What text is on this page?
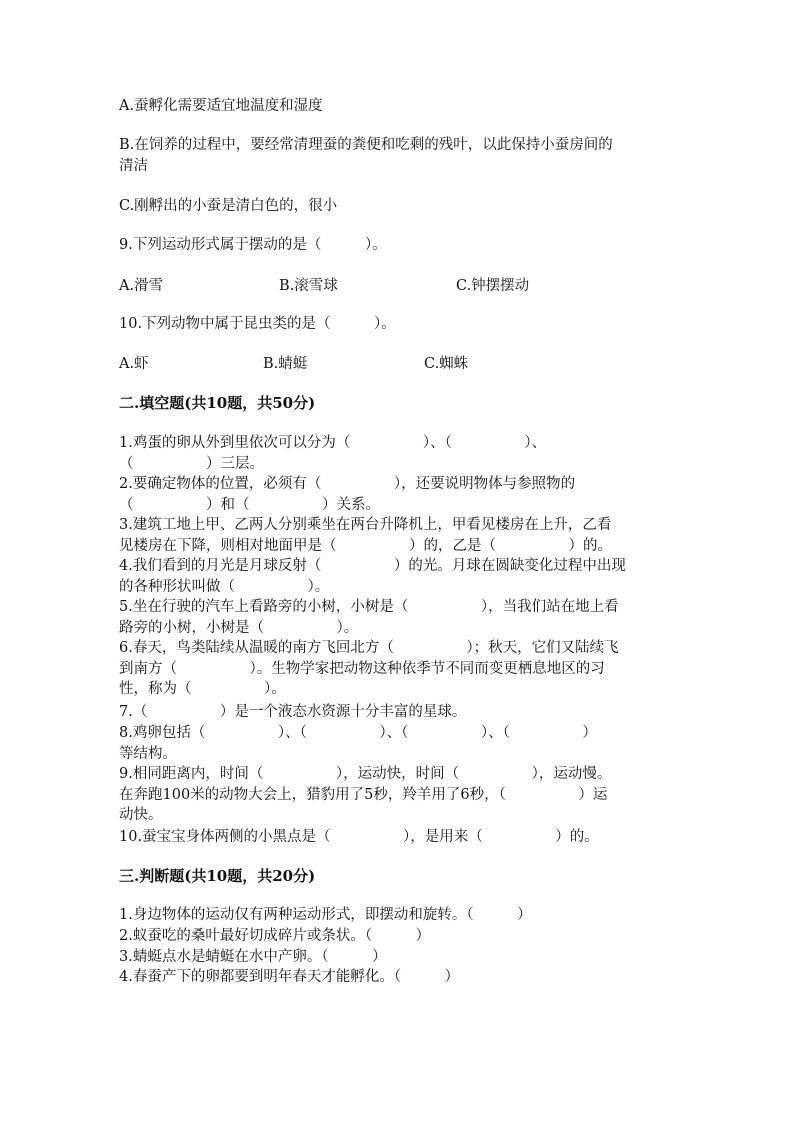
A.蚕孵化需要适宜地温度和湿度
B.在饲养的过程中，要经常清理蚕的粪便和吃剩的残叶，以此保持小蚕房间的
清洁
C.刚孵出的小蚕是清白色的，很小
9.下列运动形式属于摆动的是（　　　）。
A.滑雪	B.滚雪球	C.钟摆摆动
10.下列动物中属于昆虫类的是（　　　）。
A.虾	B.蜻蜓	C.蜘蛛
二.填空题(共10题，共50分)
1.鸡蛋的卵从外到里依次可以分为（　　　　　）、（　　　　　）、
（　　　　　）三层。
2.要确定物体的位置，必须有（　　　　　），还要说明物体与参照物的
（　　　　　）和（　　　　　）关系。
3.建筑工地上甲、乙两人分别乘坐在两台升降机上，甲看见楼房在上升，乙看
见楼房在下降，则相对地面甲是（　　　　　）的，乙是（　　　　　）的。
4.我们看到的月光是月球反射（　　　　　）的光。月球在圆缺变化过程中出现
的各种形状叫做（　　　　　）。
5.坐在行驶的汽车上看路旁的小树，小树是（　　　　　），当我们站在地上看
路旁的小树，小树是（　　　　　）。
6.春天，鸟类陆续从温暖的南方飞回北方（　　　　　）；秋天，它们又陆续飞
到南方（　　　　　）。生物学家把动物这种依季节不同而变更栖息地区的习
性，称为（　　　　　）。
7.（　　　　　）是一个液态水资源十分丰富的星球。
8.鸡卵包括（　　　　　）、（　　　　　）、（　　　　　）、（　　　　　）
等结构。
9.相同距离内，时间（　　　　　），运动快，时间（　　　　　），运动慢。
在奔跑100米的动物大会上，猎豹用了5秒，羚羊用了6秒，（　　　　　）运
动快。
10.蚕宝宝身体两侧的小黑点是（　　　　　），是用来（　　　　　）的。
三.判断题(共10题，共20分)
1.身边物体的运动仅有两种运动形式，即摆动和旋转。（　　　）
2.蚁蚕吃的桑叶最好切成碎片或条状。（　　　）
3.蜻蜓点水是蜻蜓在水中产卵。（　　　）
4.春蚕产下的卵都要到明年春天才能孵化。（　　　）
